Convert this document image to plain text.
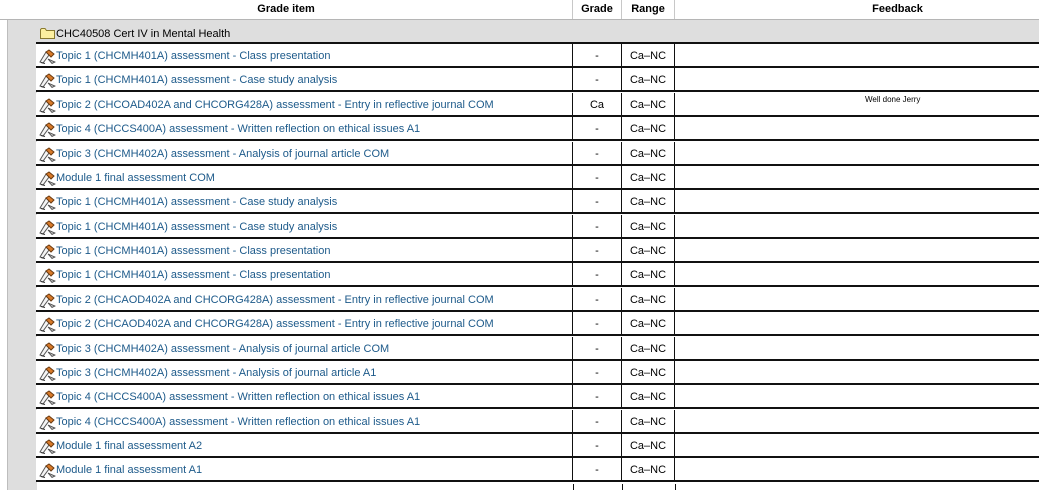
Grade item	Grade	Range	Feedback
CHC40508 Cert IV in Mental Health
Topic 1 (CHCMH401A) assessment - Class presentation	-	Ca–NC
Topic 1 (CHCMH401A) assessment - Case study analysis	-	Ca–NC
Topic 2 (CHCOAD402A and CHCORG428A) assessment - Entry in reflective journal COM	Ca	Ca–NC	Well done Jerry
Topic 4 (CHCCS400A) assessment - Written reflection on ethical issues A1	-	Ca–NC
Topic 3 (CHCMH402A) assessment - Analysis of journal article COM	-	Ca–NC
Module 1 final assessment COM	-	Ca–NC
Topic 1 (CHCMH401A) assessment - Case study analysis	-	Ca–NC
Topic 1 (CHCMH401A) assessment - Case study analysis	-	Ca–NC
Topic 1 (CHCMH401A) assessment - Class presentation	-	Ca–NC
Topic 1 (CHCMH401A) assessment - Class presentation	-	Ca–NC
Topic 2 (CHCAOD402A and CHCORG428A) assessment - Entry in reflective journal COM	-	Ca–NC
Topic 2 (CHCAOD402A and CHCORG428A) assessment - Entry in reflective journal COM	-	Ca–NC
Topic 3 (CHCMH402A) assessment - Analysis of journal article COM	-	Ca–NC
Topic 3 (CHCMH402A) assessment - Analysis of journal article A1	-	Ca–NC
Topic 4 (CHCCS400A) assessment - Written reflection on ethical issues A1	-	Ca–NC
Topic 4 (CHCCS400A) assessment - Written reflection on ethical issues A1	-	Ca–NC
Module 1 final assessment A2	-	Ca–NC
Module 1 final assessment A1	-	Ca–NC
